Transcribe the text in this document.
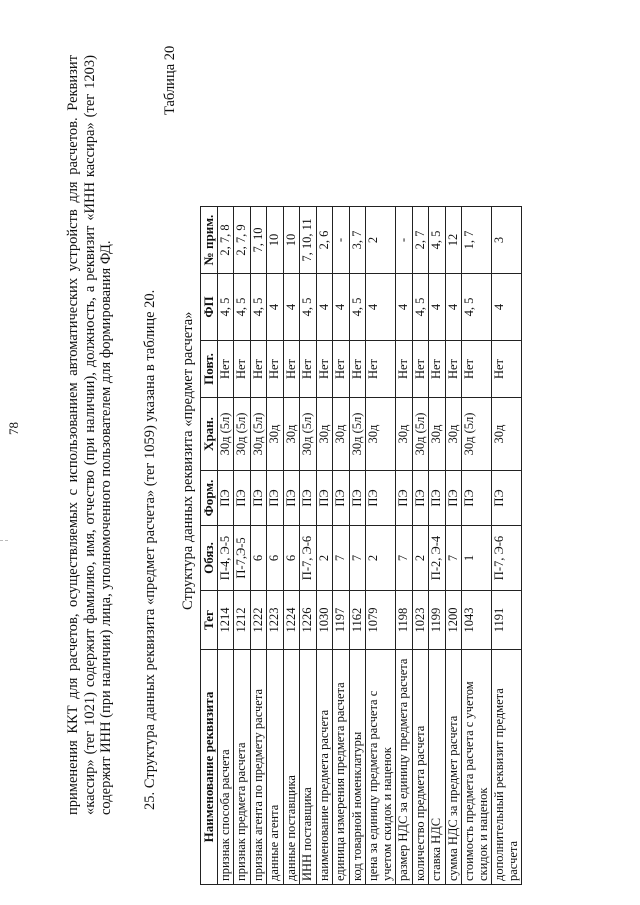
78	применения ККТ для расчетов, осуществляемых с использованием автоматических устройств для расчетов. Реквизит «кассир» (тег 1021) содержит фамилию, имя, отчество (при наличии), должность, а реквизит «ИНН кассира» (тег 1203) содержит ИНН (при наличии) лица, уполномоченного пользователем для формирования ФД. 25. Структура данных реквизита «предмет расчета» (тег 1059) указана в таблице 20.
Таблица 20
Структура данных реквизита «предмет расчета»
Наименование реквизита	Тег	Обяз.	Форм.	Хран.	Повт.	ФП	№ прим.
признак способа расчета	1214	П-4, Э-5	ПЭ	30д (5л)	Нет	4, 5	2, 7, 8
признак предмета расчета	1212	П-7,Э-5	ПЭ	30д (5л)	Нет	4, 5	2, 7, 9
признак агента по предмету расчета	1222	6	ПЭ	30д (5л)	Нет	4, 5	7, 10
данные агента	1223	6	ПЭ	30д	Нет	4	10
данные поставщика	1224	6	ПЭ	30д	Нет	4	10
ИНН поставщика	1226	П-7, Э-6	ПЭ	30д (5л)	Нет	4, 5	7, 10, 11
наименование предмета расчета	1030	2	ПЭ	30д	Нет	4	2, 6
единица измерения предмета расчета	1197	7	ПЭ	30д	Нет	4	-
код товарной номенклатуры	1162	7	ПЭ	30д (5л)	Нет	4, 5	3, 7
цена за единицу предмета расчета с учетом скидок и наценок	1079	2	ПЭ	30д	Нет	4	2
размер НДС за единицу предмета расчета	1198	7	ПЭ	30д	Нет	4	-
количество предмета расчета	1023	2	ПЭ	30д (5л)	Нет	4, 5	2, 7
ставка НДС	1199	П-2, Э-4	ПЭ	30д	Нет	4	4, 5
сумма НДС за предмет расчета	1200	7	ПЭ	30д	Нет	4	12
стоимость предмета расчета с учетом скидок и наценок	1043	1	ПЭ	30д (5л)	Нет	4, 5	1, 7
дополнительный реквизит предмета расчета	1191	П-7, Э-6	ПЭ	30д	Нет	4	3
